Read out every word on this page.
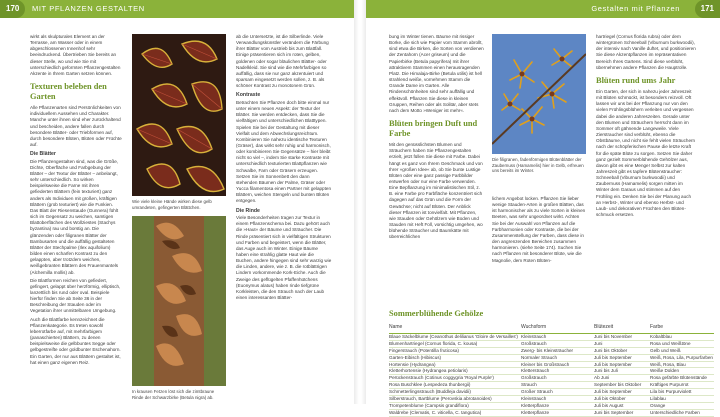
170	MIT PFLANZEN GESTALTEN	Gestalten mit Pflanzen	171

wirkt als skulpturales Element an der Terrasse, am Wasser oder in einem abgeschlossenen Innenhof sehr beeindruckend. Übertrieben Sie bereits an dieser Stelle, wo und wie Sie mit unterschiedlich geformten Pflanzengestalten Akzente in Ihrem Garten setzen können.

Texturen beleben den Garten

Alle Pflanzenarten sind Persönlichkeiten von individuellem Aussehen und Charakter. Manche unter ihnen sind eher zurückhaltend und bescheiden, andere fallen durch besondere Blätter- oder Triebformen auf, durch besondere Blüten, Blüten oder Früchte auf.

Die Blätter

Die Pflanzengestalten sind, was die Größe, Dichte, Oberfläche und Farbgebung der Blätter – der Textur der Blätter – anbelangt, sehr unterschiedlich. So wirken beispielsweise die Farne mit ihren gefiederten Blättern (fein texturiert) ganz anders als Individuen mit großen, kräftigen Blättern (grob texturiert) wie die Funkien. Das Blatt der Riesenstaude (Gunnera) fühlt sich im Gegensatz zu weichen, samtigen Blattoberflächen des Wollziestes (Stachys byzantina) rau und borstig an. Die glänzenden oder filigranen Blätter der Bambusarten und die auffällig gestalteten Blätter der Stechpalme (Ilex aquifolium) bilden einen scharfen Kontrast zu den gelappten, aber trotzdem weichen, weißgebranten Blättern des Frauenmantels (Alchemilla mollis) ab.

Die Blattformen reichen von gefiedert, gefingert, gelappt über herzförmig, elliptisch, lanzettlich bis rund oder oval. Beispiele hierfür finden Sie ab Seite 36 in der Beschreibung der Stauden oder im Vegetation ihrer unmittelbaren Umgebung.

Auch die Blattfarbe kennzeichnet die Pflanzenkategorie. Es treten sowohl leberrotfarbe auf, mit mehrfarbigem (panaschierten) Blättern, zu denen beispielsweise die gelbbuntes Segge oder gelbgestreifte oder goldbunter Eschenahorn. Ein Garten, der nur aus Blättern gestaltet ist, hat einen ganz eigenen Reiz.

Wie viele kleine Hände wirken diese gelb umrandeten, gefingerten Blättchen.
In krausen Fetzen löst sich die zimtbraune Rinde der Schwarzbirke (Betula nigra) ab.

ab die Untersetzte, ist die Silberlinde. Viele Verwandlungskünstler verändern die Färbung ihrer Blätter vom Austrieb bis zum Blattfall. Einige präsentieren sich im roten, gelben, goldenen oder sogar bläulichen Blätter- oder Nadelkleid. Sie sind wie die Mehrfarbigen so auffällig, dass sie nur ganz akzentuiert und sparsam eingesetzt werden sollen, z. B. als schöner Kontrast zu monotonem Grün.

Kontraste

Betrachten Sie Pflanzen doch bitte einmal nur unter einem neuen Aspekt: der Textur der Blätter. Sie werden entdecken, dass Sie die vielfältigen und unterschiedlichen Blatttypen. Spielen Sie bei der Gestaltung mit dieser Vielfalt und dem Abwechslungsreichtum. Kombinieren Sie nahezu identische Texturen (Gräser), das wirkt sehr ruhig und harmonisch, oder kombinieren Sie Gegensätze – hier bleibt nicht so viel –, indem Sie starke Kontraste mit unterschiedlich texturierten Blattpflanzen wie Schwalbe, Farn oder Gräsern erzeugen. Setzen Sie im Sonnenbett den dann stehenden Bäumen der Palme, Gräser oder Yucca filamentosa einen Partner mit gelappten Blättern, weichen Stengeln und bunten Blüten entgegen.

Die Rinde

Viele Besonderheiten tragen zur Textur in einem Pflanzenschema bei. Dazu gehört auch die »Haut« der Bäume und Sträucher. Die Rinde präsentiert sich in vielfältigen Strukturen und Farben und begeistert, wenn die Blätter, das Auge auch im Winter. Einige Bäume haben eine strahlig glatte Haut wie die Buchen, andere hingegen sind sehr warzig wie die Linden, andere, wie z. B. die rotblättrigen Lindern vorkommende Kork-Eiche. Auch die Zweige des geflügelten Pfaffenhütchens (Euonymus alatus) haben rinde tiefgrüne Korkleisten, die den Strauch nach der Laub einen interessanten Blätter-

bung im Winter tienen. Bäume mit rissiger Borke, die sich wie Papier vom Stamm abrollt, sind etwa die Birken, die Sorten von verdienen der Zentahorn (Acer griseum) und die Papierbirke (Betula papyrifera) mit ihrer attraktivem Stammen einen herausragenden Platz. Die Himalaja-Birke (Betula utilis) ist hell strahlend weiße, vornehmen Stamm die Grande Dame im Garten. Alle Rindenschönheiten sind sehr auffällig und effektvoll. Pflanzen Sie diese in kleinen Gruppen, Reihen oder als Solitär, aber stets nach dem Motto »Weniger ist mehr«.

Blüten bringen Duft und Farbe

Mit den genüsslichsten Blumen und Sträuchern haben Sie Pflanzengestalten erzielt, jetzt füllen Sie diese mit Farbe. Dabei hängt es ganz von Ihrem Geschmack und von Ihrer »großen Idee« ab, ob Sie bunte Lustige Blüten oder eine ganz passige Farbbilder entwerfen oder nur eine Farbe verwenden. Eine Bepflanzung im minimalistischen Stil, z. B. eine Farbe pro Farbfläche konzentriert sich dagegen auf das Grün und die Form der Gewächse; nicht auf Blüten. Der Anblick dieser Pflanzen ist tonvielfalt. Mit Pflanzen, wie Stauden oder Gehölzern wie Boden und Stauden mit Heft Foll, vorsichtig umgehen, wo blühende Sträucher und Baumkätte mit überreichlichen

Die filigranen, fadenförmigen Blütenblätter der Zaubernuss (Hamamelis) hier in Gelb, erfreuen uns bereits im Winter.

lichem Angebot locken. Pflanzen Sie lieber wenige Stauden-Arten in großen Blätten, das ist harmonischer als zu viele Sorten in kleinen Beeten, was sehr ungeordnet wirkt. Achten Sie bei der Auswahl von Pflanzen auf die Farbharmonien oder Kontraste, die bei der Zusammenstellung der Farben, dass diese in den angrenzenden Bereichen zusammen harmonieren. (siehe Seite 174). Suchen Sie nach Pflanzen mit besonderer Blüte, wie die Magnolie, dem Roten Blüten-

hartriegel (Cornus florida rubra) oder dem wintergrünen Schneeball (Viburnum burkwoodii), der intensiv nach Vanille duftet, und positionieren Sie diese Akzentpflanzen im repräsentativen Bereich Ihres Gartens. Sind diese verblüht, übernehmen andere Pflanzen die Hauptrolle.

Blüten rund ums Jahr

Ein Garten, der sich in nahezu jeder Jahreszeit mit Blüten schmückt, ist besonders reizvoll. Oft lassen wir uns bei der Pflanzung nur von den vielen Frühlingsblühern verleiten und vergessen dabei die anderen Jahreszeiten. Gerade unter den Blumen und Sträuchern herrscht dann im Sommer oft gähnende Langeweile. Viele Zierstraucher sind verblüht, ebenso die Obstbäume, und nicht sie fehlt vielen Sträuchern nach der schöpferischen Pause die letzte Kraft für die späte Blüte zu sorgen. Setzen Sie daher ganz gezielt Sommerblühende Gehölzer aus, davon gibt es eine Menge! Selbst zur kalten Jahreszeit gibt es tapfere Blütenstraucher: Schneeball (Viburnum burkwoodii) und Zaubernuss (Hamamelis) sorgen mitten im Winter dem Garaus und stimmen auf den Frühling ein. Denken Sie bei der Planung auch an Herbst-, Winter und ebenso Herbst- und Laub- und dekorativen Früchten den Blüten-schmuck ersetzen.

Sommerblühende Gehölze
Name	Wuchsform	Blütezeit	Farbe
Blaue Säckelblume (Ceanothus delilianus 'Gloire de Versailles')	Kleinstrauch	Juni bis November	Kobaltblau
Blumenhartriegel (Cornus florida, C. kousa)	Großstrauch	Juni	Rosa und Weißtöne
Fingerstrauch (Potentilla fruticosa)	Zwerg- bis Kleinsträucher	Juni bis Oktober	Gelb und Weiß
Garten-Eibisch (Hibiscus)	Normaler Strauch	Juli bis September	Weiß, Rosa, Lila, Purpurfarben
Hortensie (Hydrangea)	Kleiner bis Großstrauch	Juli bis September	Weiß, Rosa, Blau
Kletterhortensie (Hydrangea petiolaris)	Kletterstrauch	Juni bis Juli	Weiße Dolden
Perückenstrauch (Cotinus coggygria 'Royal Purple')	Großstrauch	Ab Juni	Rosa gefärbte Blütenstände
Rosa Buschklee (Lespedeza thunbergii)	Strauch	September bis Oktober	Kräftiges Purpurrot
Schmetterlingsstrauch (Buddleja davidii)	Großer Strauch	Juli bis September	Lila bis Purpurviolett
Silberstrauch, Bartblume (Perovskia abrotanoides)	Kleinstrauch	Juli bis Oktober	Lilablau
Trompetenblume (Campsis grandiflora)	Kletterpflanze	Juli bis August	Orange
Waldrebe (Clematis, C. viticella, C. tanguticа)	Kletterpflanze	Juni bis September	Unterschiedliche Farben
